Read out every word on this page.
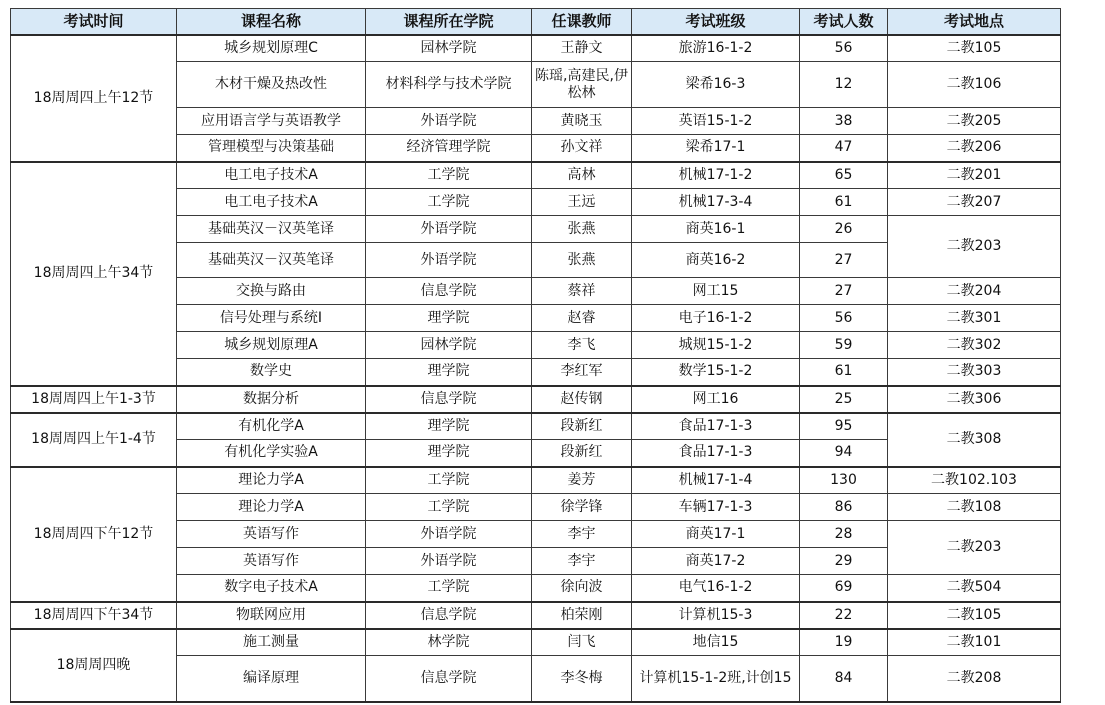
考试时间	课程名称	课程所在学院	任课教师	考试班级	考试人数	考试地点
18周周四上午12节	城乡规划原理C	园林学院	王静文	旅游16-1-2	56	二教105
	木材干燥及热改性	材料科学与技术学院	陈瑶,高建民,伊松林	梁希16-3	12	二教106
	应用语言学与英语教学	外语学院	黄晓玉	英语15-1-2	38	二教205
	管理模型与决策基础	经济管理学院	孙文祥	梁希17-1	47	二教206
18周周四上午34节	电工电子技术A	工学院	高林	机械17-1-2	65	二教201
	电工电子技术A	工学院	王远	机械17-3-4	61	二教207
	基础英汉－汉英笔译	外语学院	张燕	商英16-1	26	二教203
	基础英汉－汉英笔译	外语学院	张燕	商英16-2	27	
	交换与路由	信息学院	蔡祥	网工15	27	二教204
	信号处理与系统I	理学院	赵睿	电子16-1-2	56	二教301
	城乡规划原理A	园林学院	李飞	城规15-1-2	59	二教302
	数学史	理学院	李红军	数学15-1-2	61	二教303
18周周四上午1-3节	数据分析	信息学院	赵传钢	网工16	25	二教306
18周周四上午1-4节	有机化学A	理学院	段新红	食品17-1-3	95	二教308
	有机化学实验A	理学院	段新红	食品17-1-3	94	
18周周四下午12节	理论力学A	工学院	姜芳	机械17-1-4	130	二教102.103
	理论力学A	工学院	徐学锋	车辆17-1-3	86	二教108
	英语写作	外语学院	李宇	商英17-1	28	二教203
	英语写作	外语学院	李宇	商英17-2	29	
	数字电子技术A	工学院	徐向波	电气16-1-2	69	二教504
18周周四下午34节	物联网应用	信息学院	柏荣刚	计算机15-3	22	二教105
18周周四晚	施工测量	林学院	闫飞	地信15	19	二教101
	编译原理	信息学院	李冬梅	计算机15-1-2班,计创15	84	二教208
